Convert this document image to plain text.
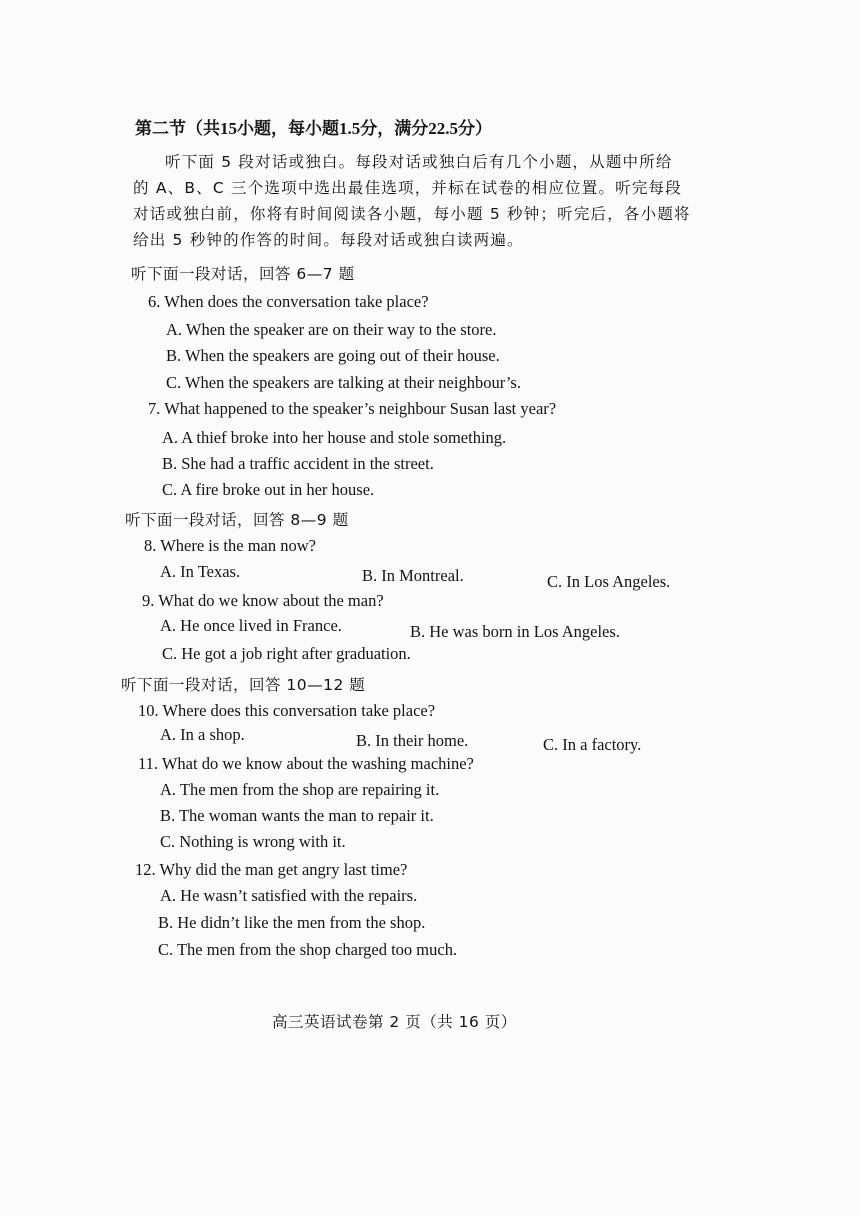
第二节（共15小题，每小题1.5分，满分22.5分）
听下面 5 段对话或独白。每段对话或独白后有几个小题，从题中所给
的 A、B、C 三个选项中选出最佳选项，并标在试卷的相应位置。听完每段
对话或独白前，你将有时间阅读各小题，每小题 5 秒钟；听完后，各小题将
给出 5 秒钟的作答的时间。每段对话或独白读两遍。
听下面一段对话，回答 6—7 题
6. When does the conversation take place?
A. When the speaker are on their way to the store.
B. When the speakers are going out of their house.
C. When the speakers are talking at their neighbour’s.
7. What happened to the speaker’s neighbour Susan last year?
A. A thief broke into her house and stole something.
B. She had a traffic accident in the street.
C. A fire broke out in her house.
听下面一段对话，回答 8—9 题
8. Where is the man now?
A. In Texas.	B. In Montreal.	C. In Los Angeles.
9. What do we know about the man?
A. He once lived in France.	B. He was born in Los Angeles.
C. He got a job right after graduation.
听下面一段对话，回答 10—12 题
10. Where does this conversation take place?
A. In a shop.	B. In their home.	C. In a factory.
11. What do we know about the washing machine?
A. The men from the shop are repairing it.
B. The woman wants the man to repair it.
C. Nothing is wrong with it.
12. Why did the man get angry last time?
A. He wasn’t satisfied with the repairs.
B. He didn’t like the men from the shop.
C. The men from the shop charged too much.
高三英语试卷第 2 页（共 16 页）
